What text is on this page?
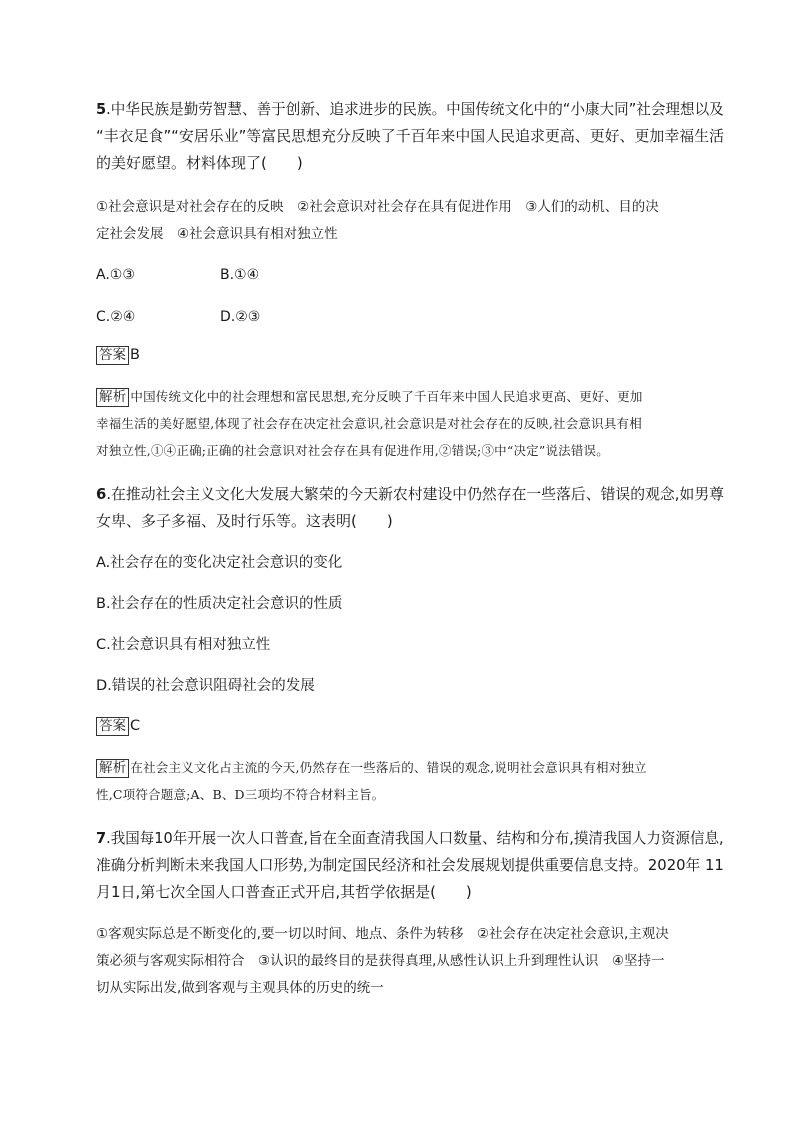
5.中华民族是勤劳智慧、善于创新、追求进步的民族。中国传统文化中的“小康大同”社会理想以及
“丰衣足食”“安居乐业”等富民思想充分反映了千百年来中国人民追求更高、更好、更加幸福生活
的美好愿望。材料体现了(　　)
①社会意识是对社会存在的反映　②社会意识对社会存在具有促进作用　③人们的动机、目的决
定社会发展　④社会意识具有相对独立性
A.①③	B.①④
C.②④	D.②③
答案 B
解析 中国传统文化中的社会理想和富民思想,充分反映了千百年来中国人民追求更高、更好、更加
幸福生活的美好愿望,体现了社会存在决定社会意识,社会意识是对社会存在的反映,社会意识具有相
对独立性,①④正确;正确的社会意识对社会存在具有促进作用,②错误;③中“决定”说法错误。
6.在推动社会主义文化大发展大繁荣的今天新农村建设中仍然存在一些落后、错误的观念,如男尊
女卑、多子多福、及时行乐等。这表明(　　)
A.社会存在的变化决定社会意识的变化
B.社会存在的性质决定社会意识的性质
C.社会意识具有相对独立性
D.错误的社会意识阻碍社会的发展
答案 C
解析 在社会主义文化占主流的今天,仍然存在一些落后的、错误的观念,说明社会意识具有相对独立
性,C项符合题意;A、B、D三项均不符合材料主旨。
7.我国每10年开展一次人口普查,旨在全面查清我国人口数量、结构和分布,摸清我国人力资源信息,
准确分析判断未来我国人口形势,为制定国民经济和社会发展规划提供重要信息支持。2020年 11
月1日,第七次全国人口普查正式开启,其哲学依据是(　　)
①客观实际总是不断变化的,要一切以时间、地点、条件为转移　②社会存在决定社会意识,主观决
策必须与客观实际相符合　③认识的最终目的是获得真理,从感性认识上升到理性认识　④坚持一
切从实际出发,做到客观与主观具体的历史的统一
